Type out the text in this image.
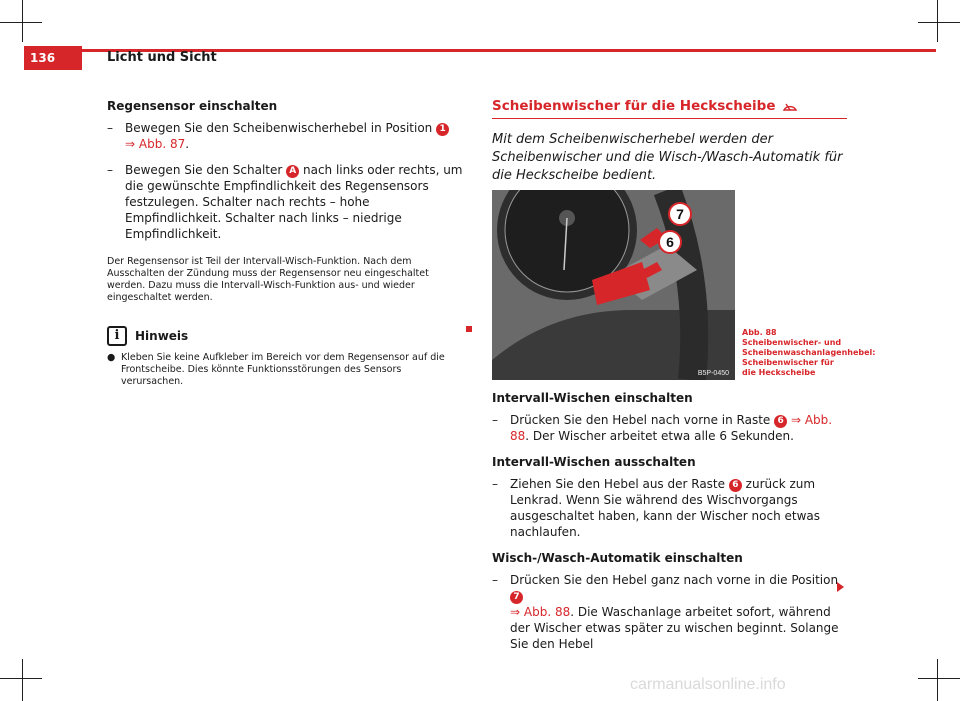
136	Licht und Sicht

Regensensor einschalten

– Bewegen Sie den Scheibenwischerhebel in Position 1
⇒ Abb. 87.
– Bewegen Sie den Schalter A nach links oder rechts, um die gewünschte Empfindlichkeit des Regensensors festzulegen. Schalter nach rechts – hohe Empfindlichkeit. Schalter nach links – niedrige Empfindlichkeit.

Der Regensensor ist Teil der Intervall-Wisch-Funktion. Nach dem Ausschalten der Zündung muss der Regensensor neu eingeschaltet werden. Dazu muss die Intervall-Wisch-Funktion aus- und wieder eingeschaltet werden.

i	Hinweis
● Kleben Sie keine Aufkleber im Bereich vor dem Regensensor auf die Frontscheibe. Dies könnte Funktionsstörungen des Sensors verursachen.
Scheibenwischer für die Heckscheibe

Mit dem Scheibenwischerhebel werden der Scheibenwischer und die Wisch-/Wasch-Automatik für die Heckscheibe bedient.

7
6
B5P-0450
Abb. 88 Scheibenwischer- und Scheibenwaschanlagenhebel: Scheibenwischer für die Heckscheibe

Intervall-Wischen einschalten

– Drücken Sie den Hebel nach vorne in Raste 6 ⇒ Abb. 88. Der Wischer arbeitet etwa alle 6 Sekunden.

Intervall-Wischen ausschalten

– Ziehen Sie den Hebel aus der Raste 6 zurück zum Lenkrad. Wenn Sie während des Wischvorgangs ausgeschaltet haben, kann der Wischer noch etwas nachlaufen.

Wisch-/Wasch-Automatik einschalten

– Drücken Sie den Hebel ganz nach vorne in die Position 7
⇒ Abb. 88. Die Waschanlage arbeitet sofort, während der Wischer etwas später zu wischen beginnt. Solange Sie den Hebel
carmanualsonline.info
